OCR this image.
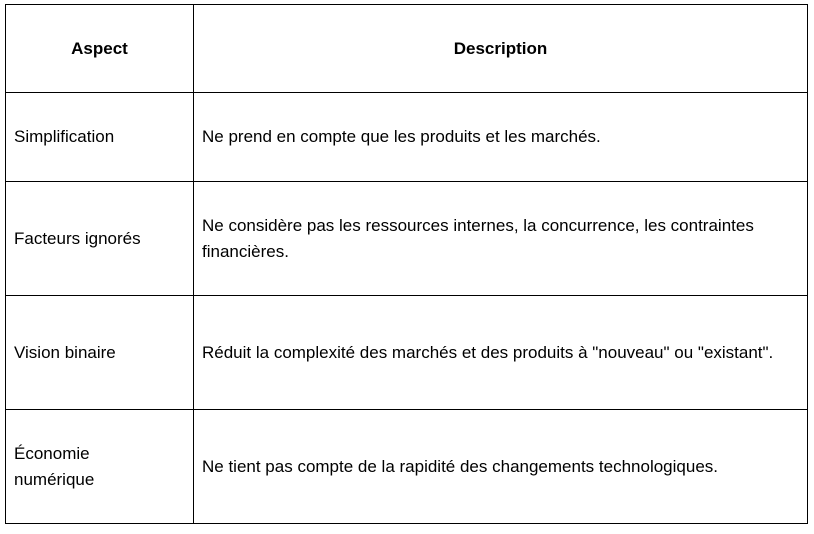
Aspect	Description
Simplification	Ne prend en compte que les produits et les marchés.
Facteurs ignorés	Ne considère pas les ressources internes, la concurrence, les contraintes financières.
Vision binaire	Réduit la complexité des marchés et des produits à "nouveau" ou "existant".
Économie numérique	Ne tient pas compte de la rapidité des changements technologiques.
